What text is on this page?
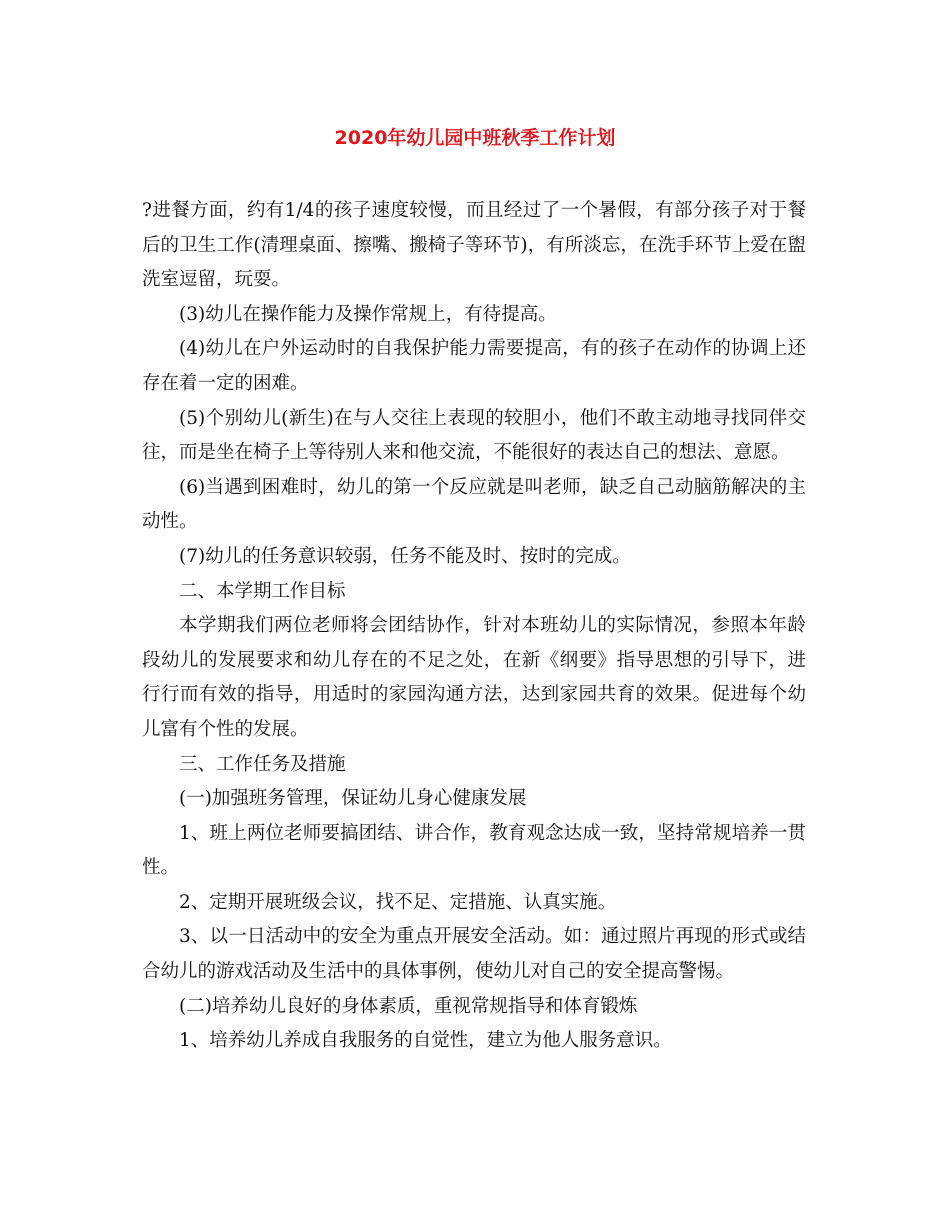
2020年幼儿园中班秋季工作计划

?进餐方面，约有1/4的孩子速度较慢，而且经过了一个暑假，有部分孩子对于餐后的卫生工作(清理桌面、擦嘴、搬椅子等环节)，有所淡忘，在洗手环节上爱在盥洗室逗留，玩耍。

(3)幼儿在操作能力及操作常规上，有待提高。

(4)幼儿在户外运动时的自我保护能力需要提高，有的孩子在动作的协调上还存在着一定的困难。

(5)个别幼儿(新生)在与人交往上表现的较胆小，他们不敢主动地寻找同伴交往，而是坐在椅子上等待别人来和他交流，不能很好的表达自己的想法、意愿。

(6)当遇到困难时，幼儿的第一个反应就是叫老师，缺乏自己动脑筋解决的主动性。

(7)幼儿的任务意识较弱，任务不能及时、按时的完成。

二、本学期工作目标

本学期我们两位老师将会团结协作，针对本班幼儿的实际情况，参照本年龄段幼儿的发展要求和幼儿存在的不足之处，在新《纲要》指导思想的引导下，进行行而有效的指导，用适时的家园沟通方法，达到家园共育的效果。促进每个幼儿富有个性的发展。

三、工作任务及措施

(一)加强班务管理，保证幼儿身心健康发展

1、班上两位老师要搞团结、讲合作，教育观念达成一致，坚持常规培养一贯性。

2、定期开展班级会议，找不足、定措施、认真实施。

3、以一日活动中的安全为重点开展安全活动。如：通过照片再现的形式或结合幼儿的游戏活动及生活中的具体事例，使幼儿对自己的安全提高警惕。

(二)培养幼儿良好的身体素质，重视常规指导和体育锻炼

1、培养幼儿养成自我服务的自觉性，建立为他人服务意识。
